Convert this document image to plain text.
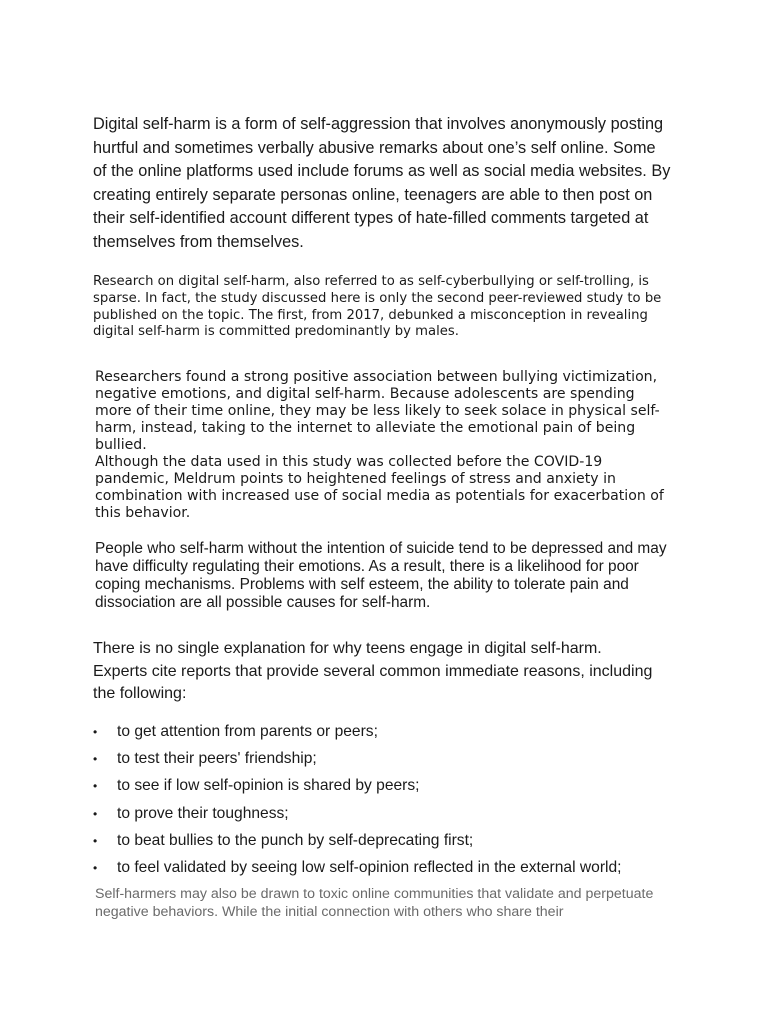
Digital self-harm is a form of self-aggression that involves anonymously posting hurtful and sometimes verbally abusive remarks about one’s self online. Some of the online platforms used include forums as well as social media websites. By creating entirely separate personas online, teenagers are able to then post on their self-identified account different types of hate-filled comments targeted at themselves from themselves.

Research on digital self-harm, also referred to as self-cyberbullying or self-trolling, is sparse. In fact, the study discussed here is only the second peer-reviewed study to be published on the topic. The first, from 2017, debunked a misconception in revealing digital self-harm is committed predominantly by males.

Researchers found a strong positive association between bullying victimization, negative emotions, and digital self-harm. Because adolescents are spending more of their time online, they may be less likely to seek solace in physical self-harm, instead, taking to the internet to alleviate the emotional pain of being bullied.
Although the data used in this study was collected before the COVID-19 pandemic, Meldrum points to heightened feelings of stress and anxiety in combination with increased use of social media as potentials for exacerbation of this behavior.

People who self-harm without the intention of suicide tend to be depressed and may have difficulty regulating their emotions. As a result, there is a likelihood for poor coping mechanisms. Problems with self esteem, the ability to tolerate pain and dissociation are all possible causes for self-harm.

There is no single explanation for why teens engage in digital self-harm. Experts cite reports that provide several common immediate reasons, including the following:

• to get attention from parents or peers;
• to test their peers' friendship;
• to see if low self-opinion is shared by peers;
• to prove their toughness;
• to beat bullies to the punch by self-deprecating first;
• to feel validated by seeing low self-opinion reflected in the external world;

Self-harmers may also be drawn to toxic online communities that validate and perpetuate negative behaviors. While the initial connection with others who share their
